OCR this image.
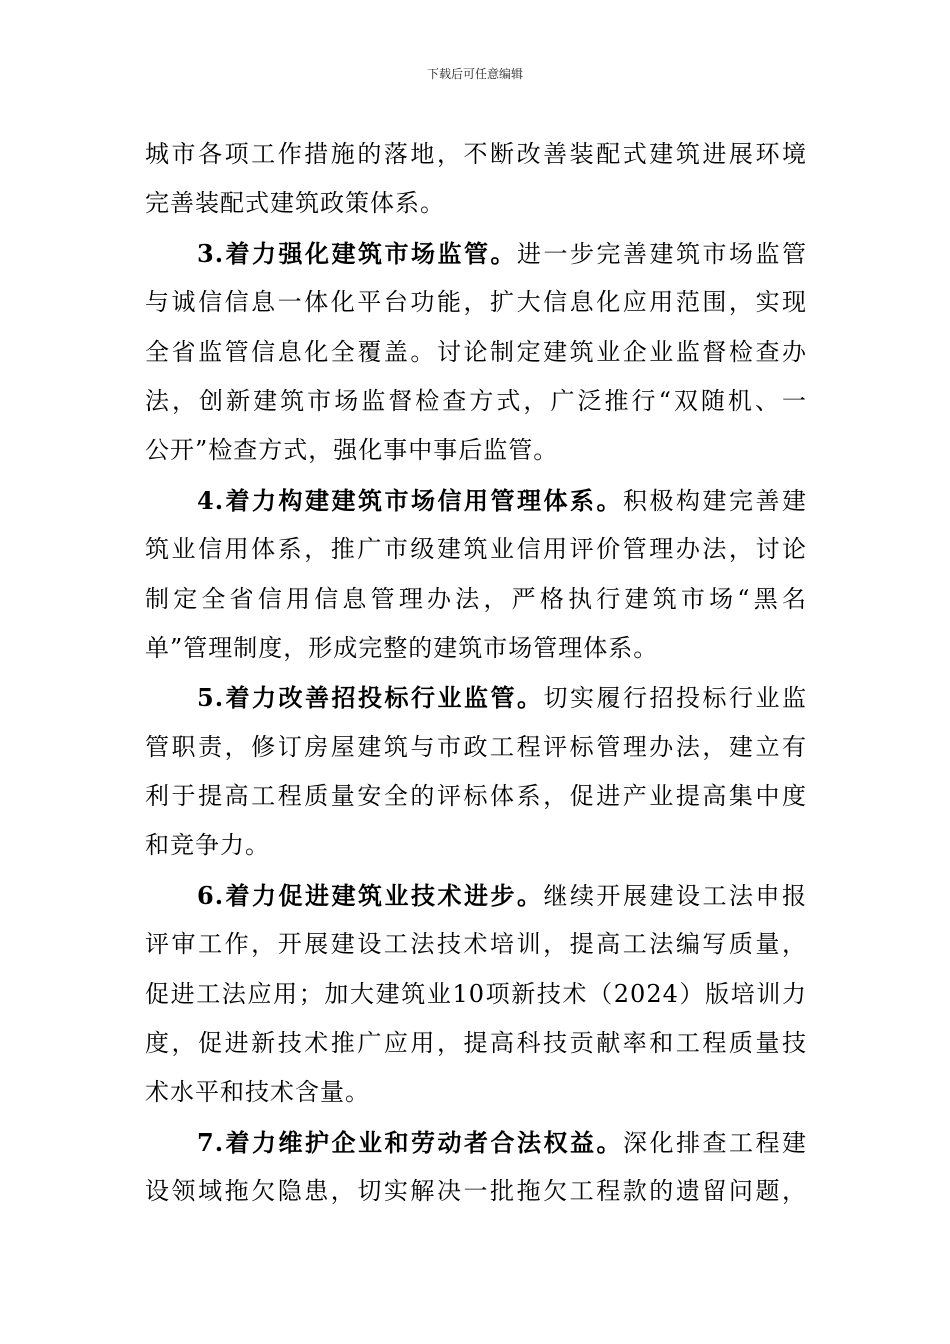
下载后可任意编辑
城市各项工作措施的落地，不断改善装配式建筑进展环境
完善装配式建筑政策体系。
3.着力强化建筑市场监管。进一步完善建筑市场监管
与诚信信息一体化平台功能，扩大信息化应用范围，实现
全省监管信息化全覆盖。讨论制定建筑业企业监督检查办
法，创新建筑市场监督检查方式，广泛推行“双随机、一
公开”检查方式，强化事中事后监管。
4.着力构建建筑市场信用管理体系。积极构建完善建
筑业信用体系，推广市级建筑业信用评价管理办法，讨论
制定全省信用信息管理办法，严格执行建筑市场“黑名
单”管理制度，形成完整的建筑市场管理体系。
5.着力改善招投标行业监管。切实履行招投标行业监
管职责，修订房屋建筑与市政工程评标管理办法，建立有
利于提高工程质量安全的评标体系，促进产业提高集中度
和竞争力。
6.着力促进建筑业技术进步。继续开展建设工法申报
评审工作，开展建设工法技术培训，提高工法编写质量，
促进工法应用；加大建筑业10项新技术（2024）版培训力
度，促进新技术推广应用，提高科技贡献率和工程质量技
术水平和技术含量。
7.着力维护企业和劳动者合法权益。深化排查工程建
设领域拖欠隐患，切实解决一批拖欠工程款的遗留问题，
